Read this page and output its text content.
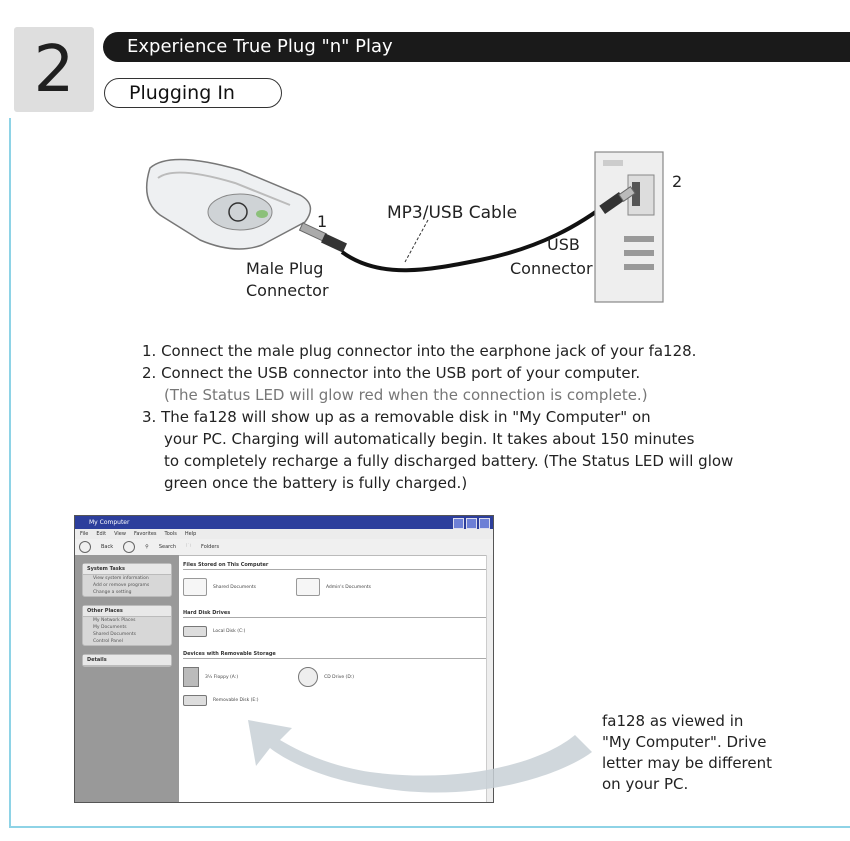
2	Experience True Plug "n" Play
Plugging In
MP3/USB Cable
1
2
Male Plug
Connector
USB
Connector
1. Connect the male plug connector into the earphone jack of your fa128.
2. Connect the USB connector into the USB port of your computer.
(The Status LED will glow red when the connection is complete.)
3. The fa128 will show up as a removable disk in "My Computer" on
your PC. Charging will automatically begin. It takes about 150 minutes
to completely recharge a fully discharged battery. (The Status LED will glow
green once the battery is fully charged.)
My Computer
File Edit View Favorites Tools Help
Back	⚲ Search 🗀 Folders
System Tasks
View system information
Add or remove programs
Change a setting
Other Places
My Network Places
My Documents
Shared Documents
Control Panel
Details
Files Stored on This Computer
Shared Documents	Admin's Documents
Hard Disk Drives
Local Disk (C:)
Devices with Removable Storage
3½ Floppy (A:)	CD Drive (D:)
Removable Disk (E:)
fa128 as viewed in
"My Computer". Drive
letter may be different
on your PC.
